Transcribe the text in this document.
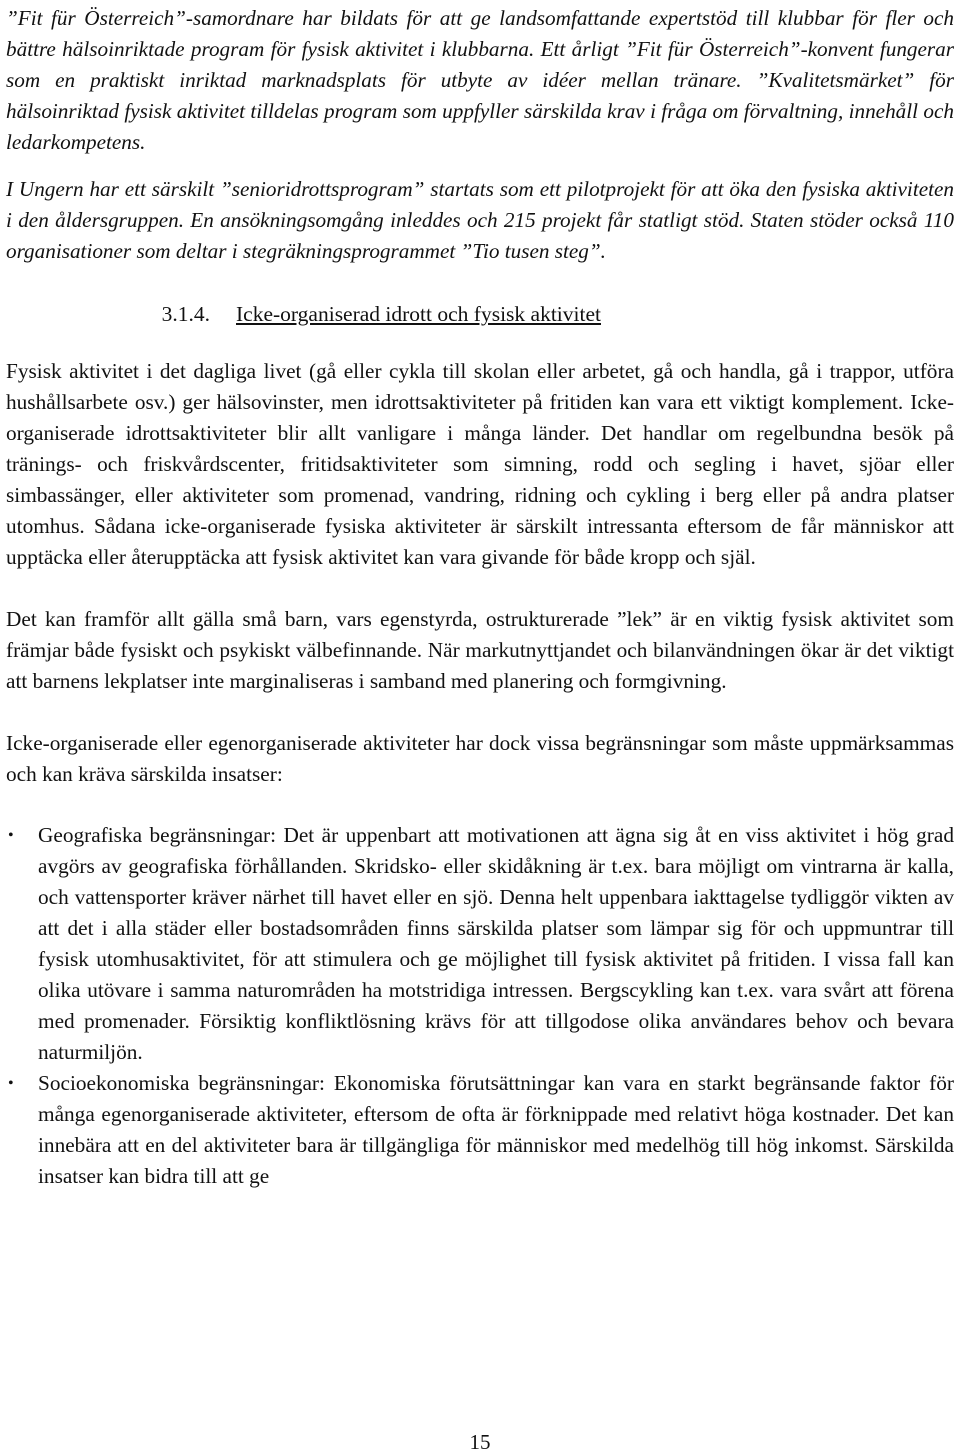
”Fit für Österreich”-samordnare har bildats för att ge landsomfattande expertstöd till klubbar för fler och bättre hälsoinriktade program för fysisk aktivitet i klubbarna. Ett årligt ”Fit für Österreich”-konvent fungerar som en praktiskt inriktad marknadsplats för utbyte av idéer mellan tränare. ”Kvalitetsmärket” för hälsoinriktad fysisk aktivitet tilldelas program som uppfyller särskilda krav i fråga om förvaltning, innehåll och ledarkompetens.

I Ungern har ett särskilt ”senioridrottsprogram” startats som ett pilotprojekt för att öka den fysiska aktiviteten i den åldersgruppen. En ansökningsomgång inleddes och 215 projekt får statligt stöd. Staten stöder också 110 organisationer som deltar i stegräkningsprogrammet ”Tio tusen steg”.

3.1.4. Icke-organiserad idrott och fysisk aktivitet

Fysisk aktivitet i det dagliga livet (gå eller cykla till skolan eller arbetet, gå och handla, gå i trappor, utföra hushållsarbete osv.) ger hälsovinster, men idrottsaktiviteter på fritiden kan vara ett viktigt komplement. Icke-organiserade idrottsaktiviteter blir allt vanligare i många länder. Det handlar om regelbundna besök på tränings- och friskvårdscenter, fritidsaktiviteter som simning, rodd och segling i havet, sjöar eller simbassänger, eller aktiviteter som promenad, vandring, ridning och cykling i berg eller på andra platser utomhus. Sådana icke-organiserade fysiska aktiviteter är särskilt intressanta eftersom de får människor att upptäcka eller återupptäcka att fysisk aktivitet kan vara givande för både kropp och själ.

Det kan framför allt gälla små barn, vars egenstyrda, ostrukturerade ”lek” är en viktig fysisk aktivitet som främjar både fysiskt och psykiskt välbefinnande. När markutnyttjandet och bilanvändningen ökar är det viktigt att barnens lekplatser inte marginaliseras i samband med planering och formgivning.

Icke-organiserade eller egenorganiserade aktiviteter har dock vissa begränsningar som måste uppmärksammas och kan kräva särskilda insatser:

• Geografiska begränsningar: Det är uppenbart att motivationen att ägna sig åt en viss aktivitet i hög grad avgörs av geografiska förhållanden. Skridsko- eller skidåkning är t.ex. bara möjligt om vintrarna är kalla, och vattensporter kräver närhet till havet eller en sjö. Denna helt uppenbara iakttagelse tydliggör vikten av att det i alla städer eller bostadsområden finns särskilda platser som lämpar sig för och uppmuntrar till fysisk utomhusaktivitet, för att stimulera och ge möjlighet till fysisk aktivitet på fritiden. I vissa fall kan olika utövare i samma naturområden ha motstridiga intressen. Bergscykling kan t.ex. vara svårt att förena med promenader. Försiktig konfliktlösning krävs för att tillgodose olika användares behov och bevara naturmiljön.
• Socioekonomiska begränsningar: Ekonomiska förutsättningar kan vara en starkt begränsande faktor för många egenorganiserade aktiviteter, eftersom de ofta är förknippade med relativt höga kostnader. Det kan innebära att en del aktiviteter bara är tillgängliga för människor med medelhög till hög inkomst. Särskilda insatser kan bidra till att ge
15
